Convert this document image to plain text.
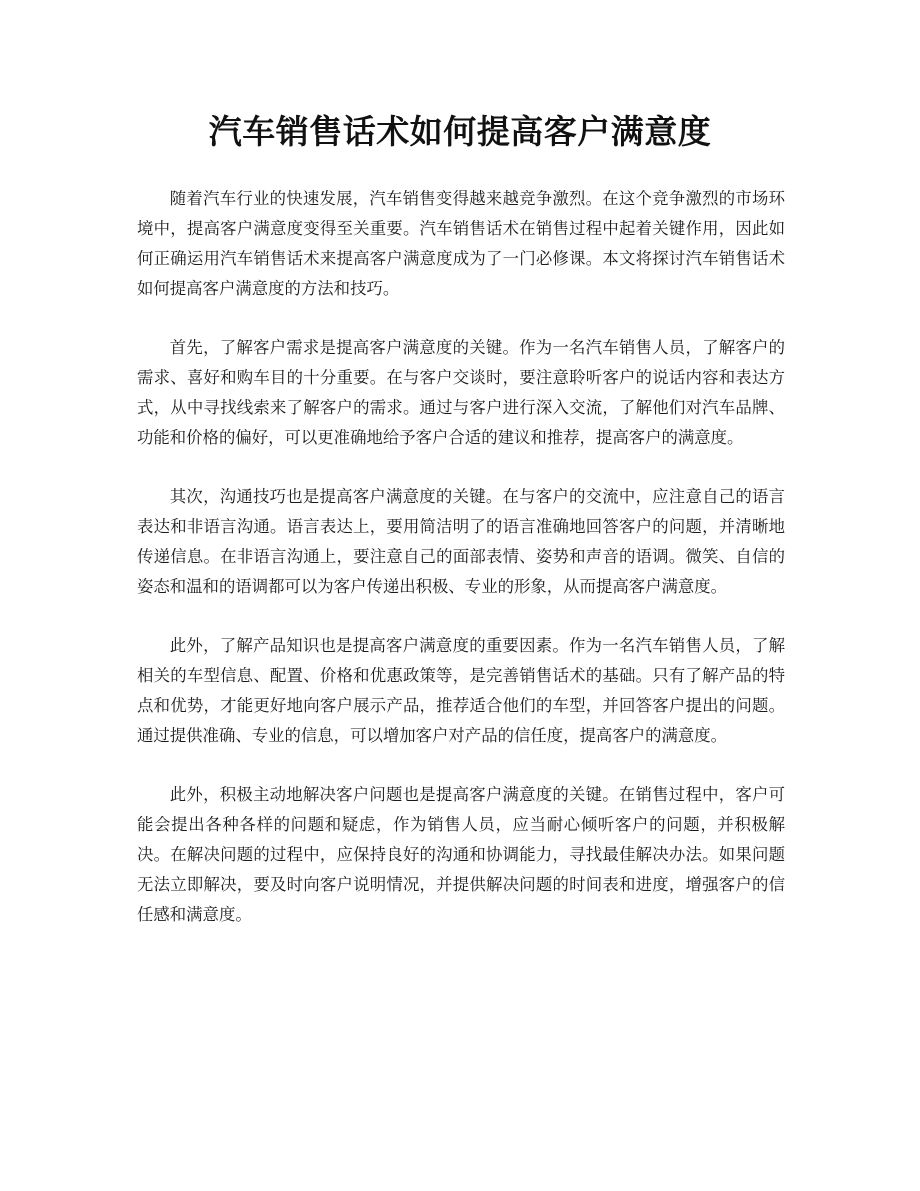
汽车销售话术如何提高客户满意度

随着汽车行业的快速发展，汽车销售变得越来越竞争激烈。在这个竞争激烈的市场环境中，提高客户满意度变得至关重要。汽车销售话术在销售过程中起着关键作用，因此如何正确运用汽车销售话术来提高客户满意度成为了一门必修课。本文将探讨汽车销售话术如何提高客户满意度的方法和技巧。

首先，了解客户需求是提高客户满意度的关键。作为一名汽车销售人员，了解客户的需求、喜好和购车目的十分重要。在与客户交谈时，要注意聆听客户的说话内容和表达方式，从中寻找线索来了解客户的需求。通过与客户进行深入交流，了解他们对汽车品牌、功能和价格的偏好，可以更准确地给予客户合适的建议和推荐，提高客户的满意度。

其次，沟通技巧也是提高客户满意度的关键。在与客户的交流中，应注意自己的语言表达和非语言沟通。语言表达上，要用简洁明了的语言准确地回答客户的问题，并清晰地传递信息。在非语言沟通上，要注意自己的面部表情、姿势和声音的语调。微笑、自信的姿态和温和的语调都可以为客户传递出积极、专业的形象，从而提高客户满意度。

此外，了解产品知识也是提高客户满意度的重要因素。作为一名汽车销售人员，了解相关的车型信息、配置、价格和优惠政策等，是完善销售话术的基础。只有了解产品的特点和优势，才能更好地向客户展示产品，推荐适合他们的车型，并回答客户提出的问题。通过提供准确、专业的信息，可以增加客户对产品的信任度，提高客户的满意度。

此外，积极主动地解决客户问题也是提高客户满意度的关键。在销售过程中，客户可能会提出各种各样的问题和疑虑，作为销售人员，应当耐心倾听客户的问题，并积极解决。在解决问题的过程中，应保持良好的沟通和协调能力，寻找最佳解决办法。如果问题无法立即解决，要及时向客户说明情况，并提供解决问题的时间表和进度，增强客户的信任感和满意度。
